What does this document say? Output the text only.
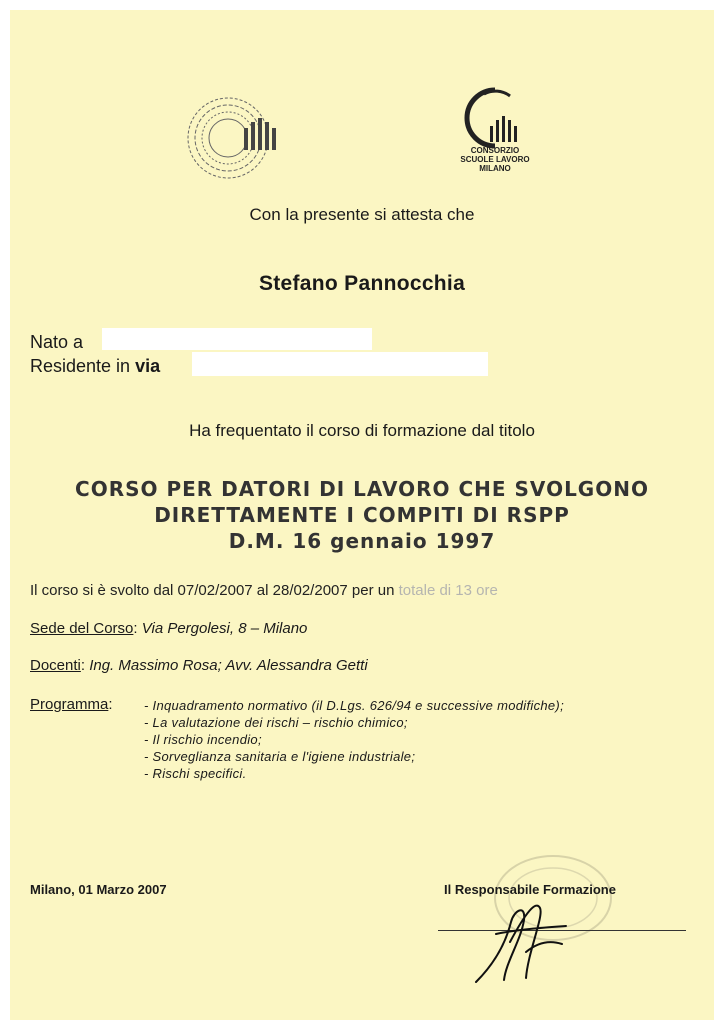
CONSORZIO
SCUOLE LAVORO
MILANO
Con la presente si attesta che
Stefano Pannocchia
Nato a
Residente in via
Ha frequentato il corso di formazione dal titolo
CORSO PER DATORI DI LAVORO CHE SVOLGONO
DIRETTAMENTE I COMPITI DI RSPP
D.M. 16 gennaio 1997
Il corso si è svolto dal 07/02/2007 al 28/02/2007 per un totale di 13 ore
Sede del Corso: Via Pergolesi, 8 – Milano
Docenti: Ing. Massimo Rosa; Avv. Alessandra Getti
Programma: - Inquadramento normativo (il D.Lgs. 626/94 e successive modifiche);
- La valutazione dei rischi – rischio chimico;
- Il rischio incendio;
- Sorveglianza sanitaria e l'igiene industriale;
- Rischi specifici.
Milano, 01 Marzo 2007	Il Responsabile Formazione
